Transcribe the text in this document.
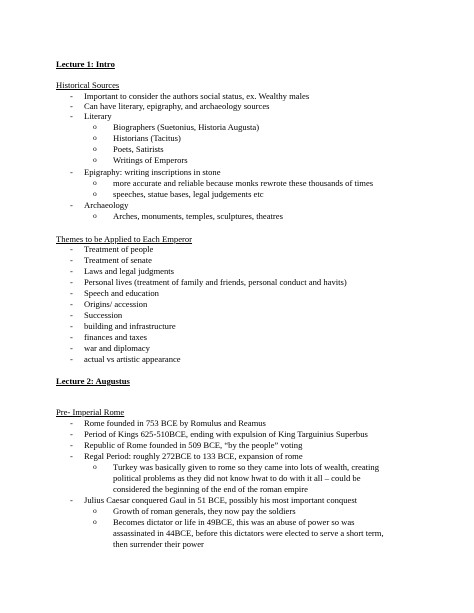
Lecture 1: Intro
Historical Sources
- Important to consider the authors social status, ex. Wealthy males
- Can have literary, epigraphy, and archaeology sources
- Literary
o Biographers (Suetonius, Historia Augusta)
o Historians (Tacitus)
o Poets, Satirists
o Writings of Emperors
- Epigraphy: writing inscriptions in stone
o more accurate and reliable because monks rewrote these thousands of times
o speeches, statue bases, legal judgements etc
- Archaeology
o Arches, monuments, temples, sculptures, theatres
Themes to be Applied to Each Emperor
- Treatment of people
- Treatment of senate
- Laws and legal judgments
- Personal lives (treatment of family and friends, personal conduct and havits)
- Speech and education
- Origins/ accession
- Succession
- building and infrastructure
- finances and taxes
- war and diplomacy
- actual vs artistic appearance
Lecture 2: Augustus
Pre- Imperial Rome
- Rome founded in 753 BCE by Romulus and Reamus
- Period of Kings 625-510BCE, ending with expulsion of King Targuinius Superbus
- Republic of Rome founded in 509 BCE, “by the people” voting
- Regal Period: roughly 272BCE to 133 BCE, expansion of rome
o Turkey was basically given to rome so they came into lots of wealth, creating
political problems as they did not know hwat to do with it all – could be
considered the beginning of the end of the roman empire
- Julius Caesar conquered Gaul in 51 BCE, possibly his most important conquest
o Growth of roman generals, they now pay the soldiers
o Becomes dictator or life in 49BCE, this was an abuse of power so was
assassinated in 44BCE, before this dictators were elected to serve a short term,
then surrender their power
